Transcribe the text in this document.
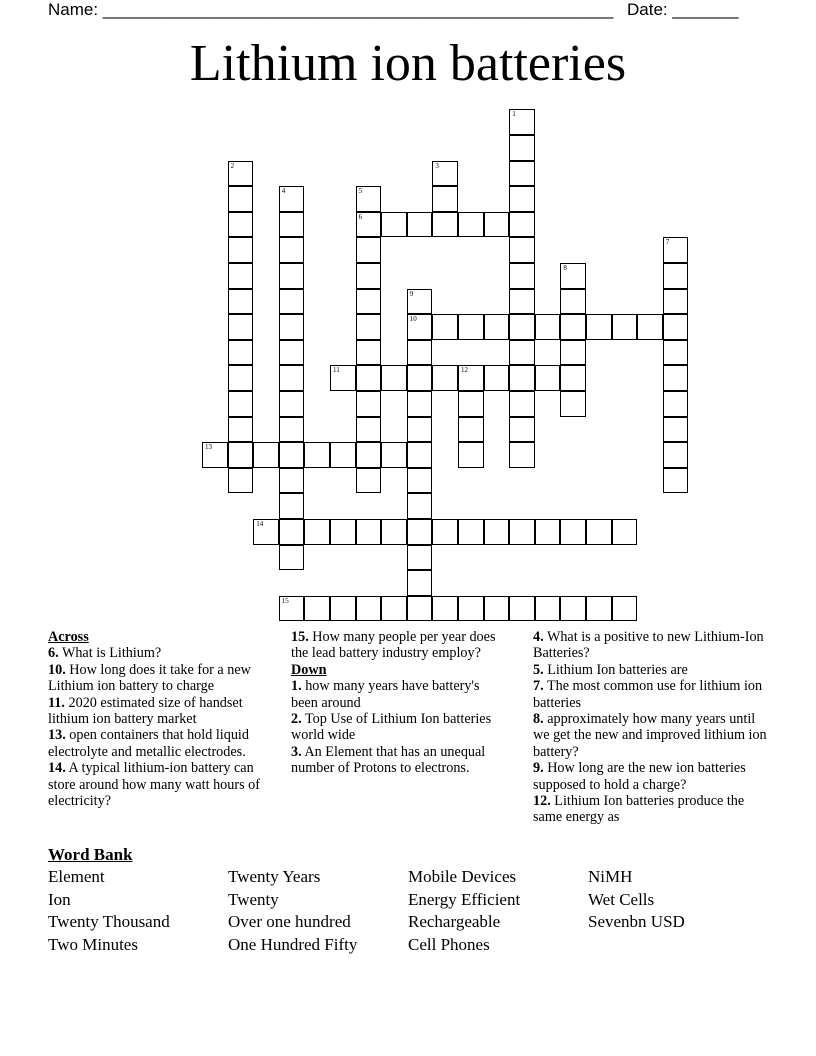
Name: ______________________________________________________ Date: _______
Lithium ion batteries
1
2	3
4	5
6
7
8
9
10
11	12
13
14
15
Across
6. What is Lithium?
10. How long does it take for a new Lithium ion battery to charge
11. 2020 estimated size of handset lithium ion battery market
13. open containers that hold liquid electrolyte and metallic electrodes.
14. A typical lithium-ion battery can store around how many watt hours of electricity?
15. How many people per year does the lead battery industry employ?
Down
1. how many years have battery's been around
2. Top Use of Lithium Ion batteries world wide
3. An Element that has an unequal number of Protons to electrons.
4. What is a positive to new Lithium-Ion Batteries?
5. Lithium Ion batteries are
7. The most common use for lithium ion batteries
8. approximately how many years until we get the new and improved lithium ion battery?
9. How long are the new ion batteries supposed to hold a charge?
12. Lithium Ion batteries produce the same energy as
Word Bank
Element	Twenty Years	Mobile Devices	NiMH
Ion	Twenty	Energy Efficient	Wet Cells
Twenty Thousand	Over one hundred	Rechargeable	Sevenbn USD
Two Minutes	One Hundred Fifty	Cell Phones
